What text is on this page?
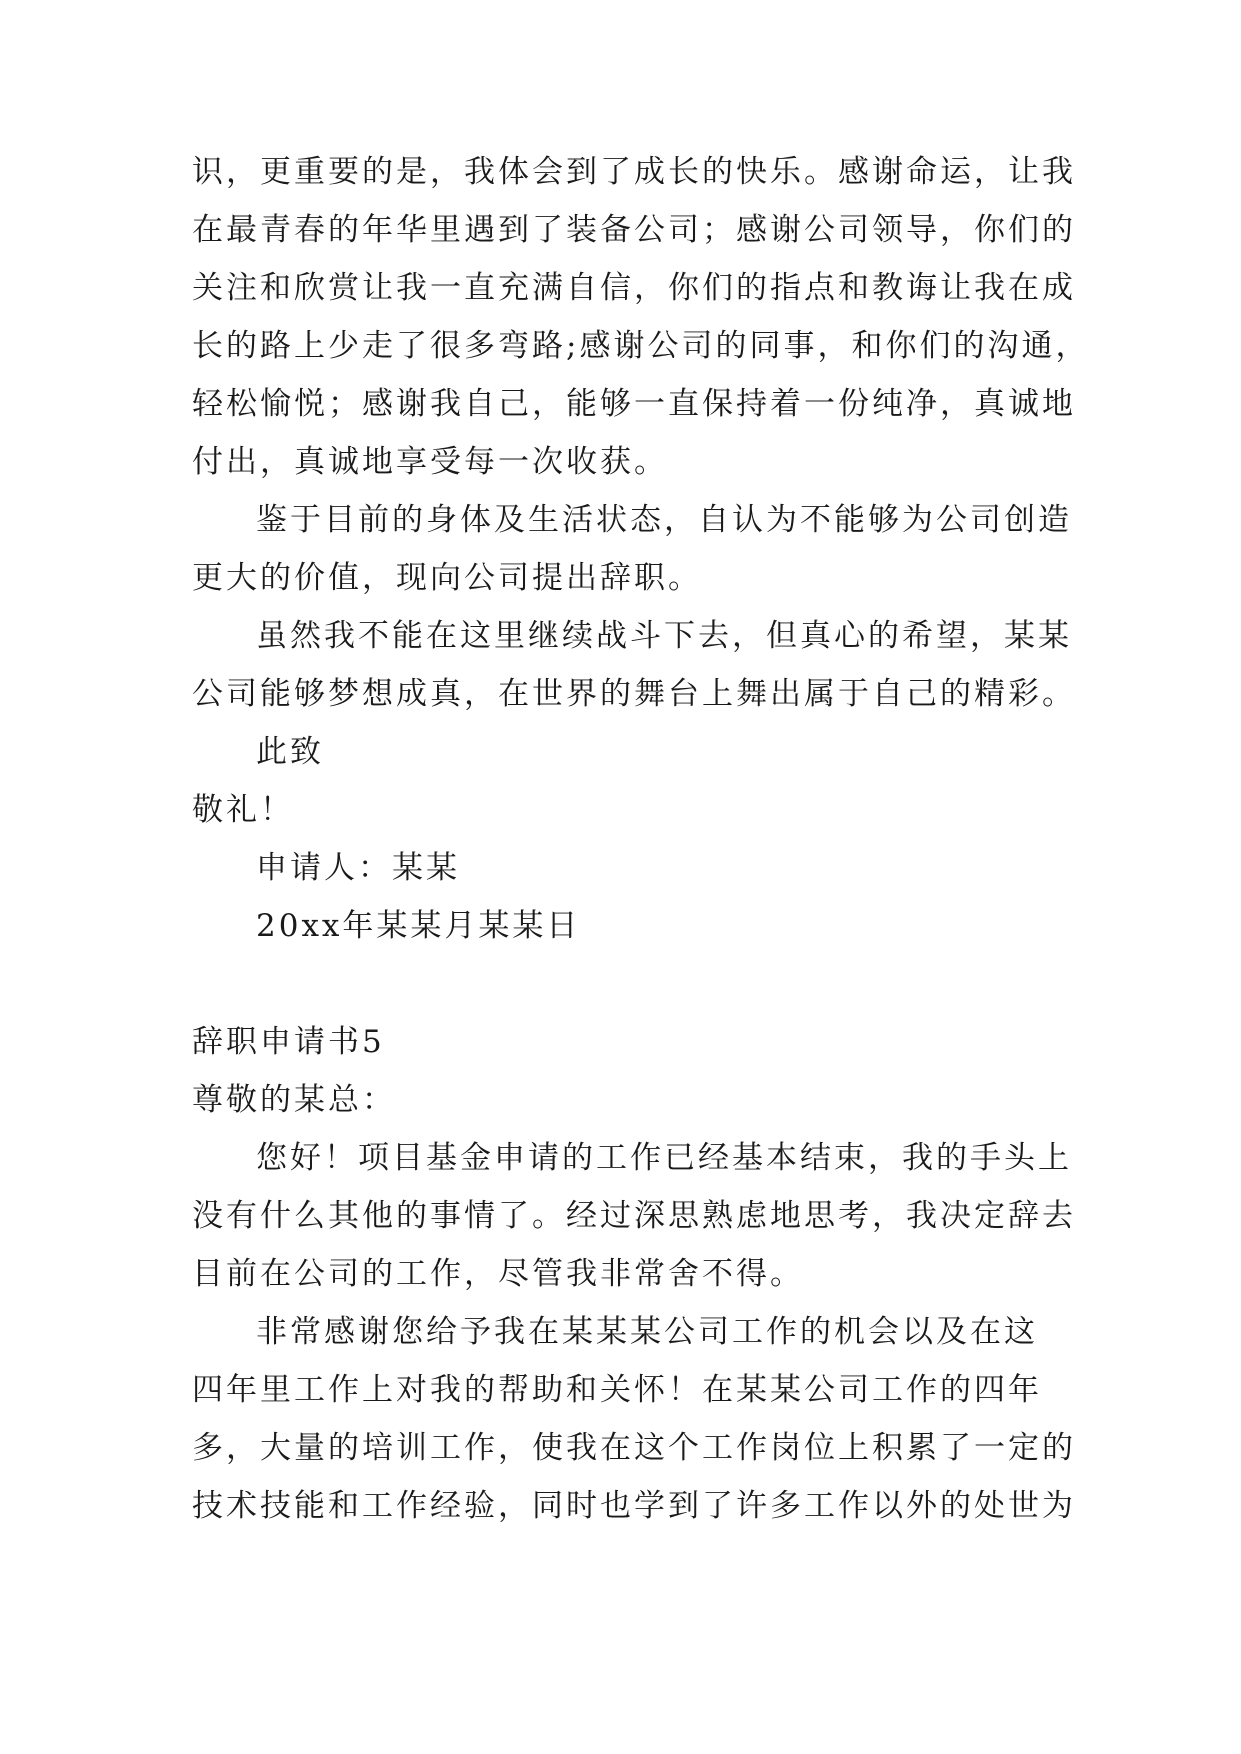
识，更重要的是，我体会到了成长的快乐。感谢命运，让我
在最青春的年华里遇到了装备公司；感谢公司领导，你们的
关注和欣赏让我一直充满自信，你们的指点和教诲让我在成
长的路上少走了很多弯路;感谢公司的同事，和你们的沟通，
轻松愉悦；感谢我自己，能够一直保持着一份纯净，真诚地
付出，真诚地享受每一次收获。
鉴于目前的身体及生活状态，自认为不能够为公司创造
更大的价值，现向公司提出辞职。
虽然我不能在这里继续战斗下去，但真心的希望，某某
公司能够梦想成真，在世界的舞台上舞出属于自己的精彩。
此致
敬礼！
申请人：某某
20xx年某某月某某日
辞职申请书5
尊敬的某总：
您好！项目基金申请的工作已经基本结束，我的手头上
没有什么其他的事情了。经过深思熟虑地思考，我决定辞去
目前在公司的工作，尽管我非常舍不得。
非常感谢您给予我在某某某公司工作的机会以及在这
四年里工作上对我的帮助和关怀！在某某公司工作的四年
多，大量的培训工作，使我在这个工作岗位上积累了一定的
技术技能和工作经验，同时也学到了许多工作以外的处世为
